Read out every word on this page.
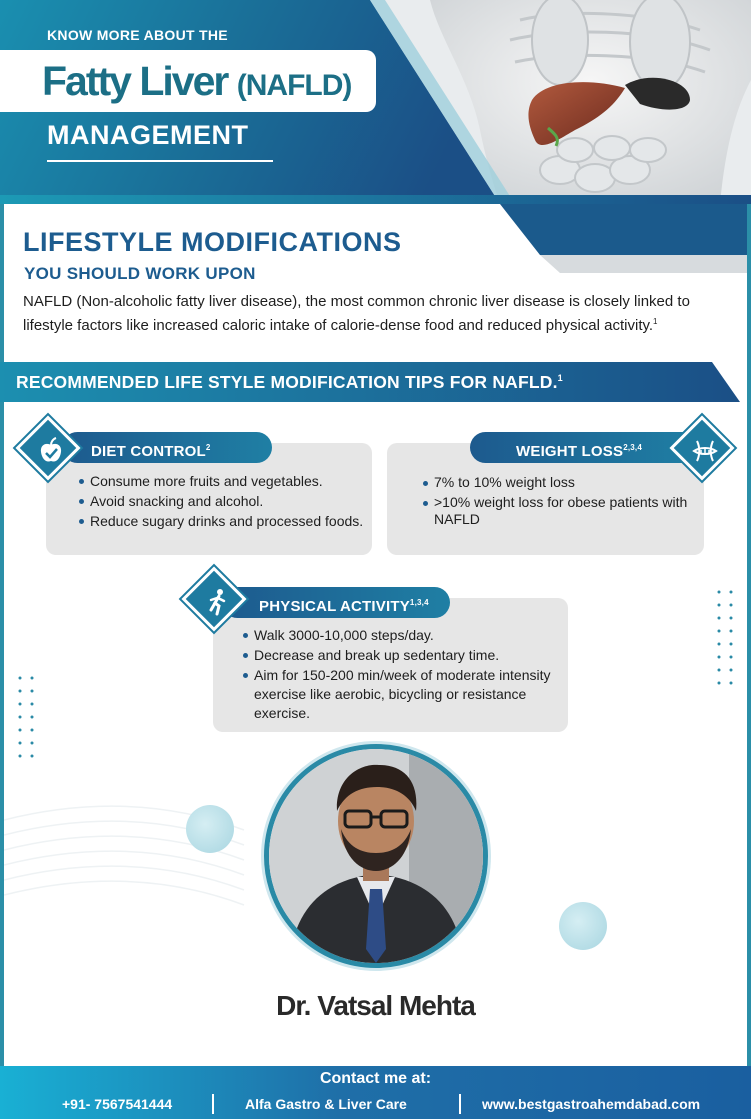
KNOW MORE ABOUT THE
Fatty Liver (NAFLD)
MANAGEMENT
LIFESTYLE MODIFICATIONS
YOU SHOULD WORK UPON

NAFLD (Non-alcoholic fatty liver disease), the most common chronic liver disease is closely linked to lifestyle factors like increased caloric intake of calorie-dense food and reduced physical activity.$^1$

RECOMMENDED LIFE STYLE MODIFICATION TIPS FOR NAFLD.$^1$
DIET CONTROL$^2$
Consume more fruits and vegetables.
Avoid snacking and alcohol.
Reduce sugary drinks and processed foods.
WEIGHT LOSS$^{2,3,4}$
7% to 10% weight loss
>10% weight loss for obese patients with NAFLD
PHYSICAL ACTIVITY$^{1,3,4}$
Walk 3000-10,000 steps/day.
Decrease and break up sedentary time.
Aim for 150-200 min/week of moderate intensity exercise like aerobic, bicycling or resistance exercise.
Dr. Vatsal Mehta
Contact me at:
+91- 7567541444	Alfa Gastro & Liver Care	www.bestgastroahemdabad.com
